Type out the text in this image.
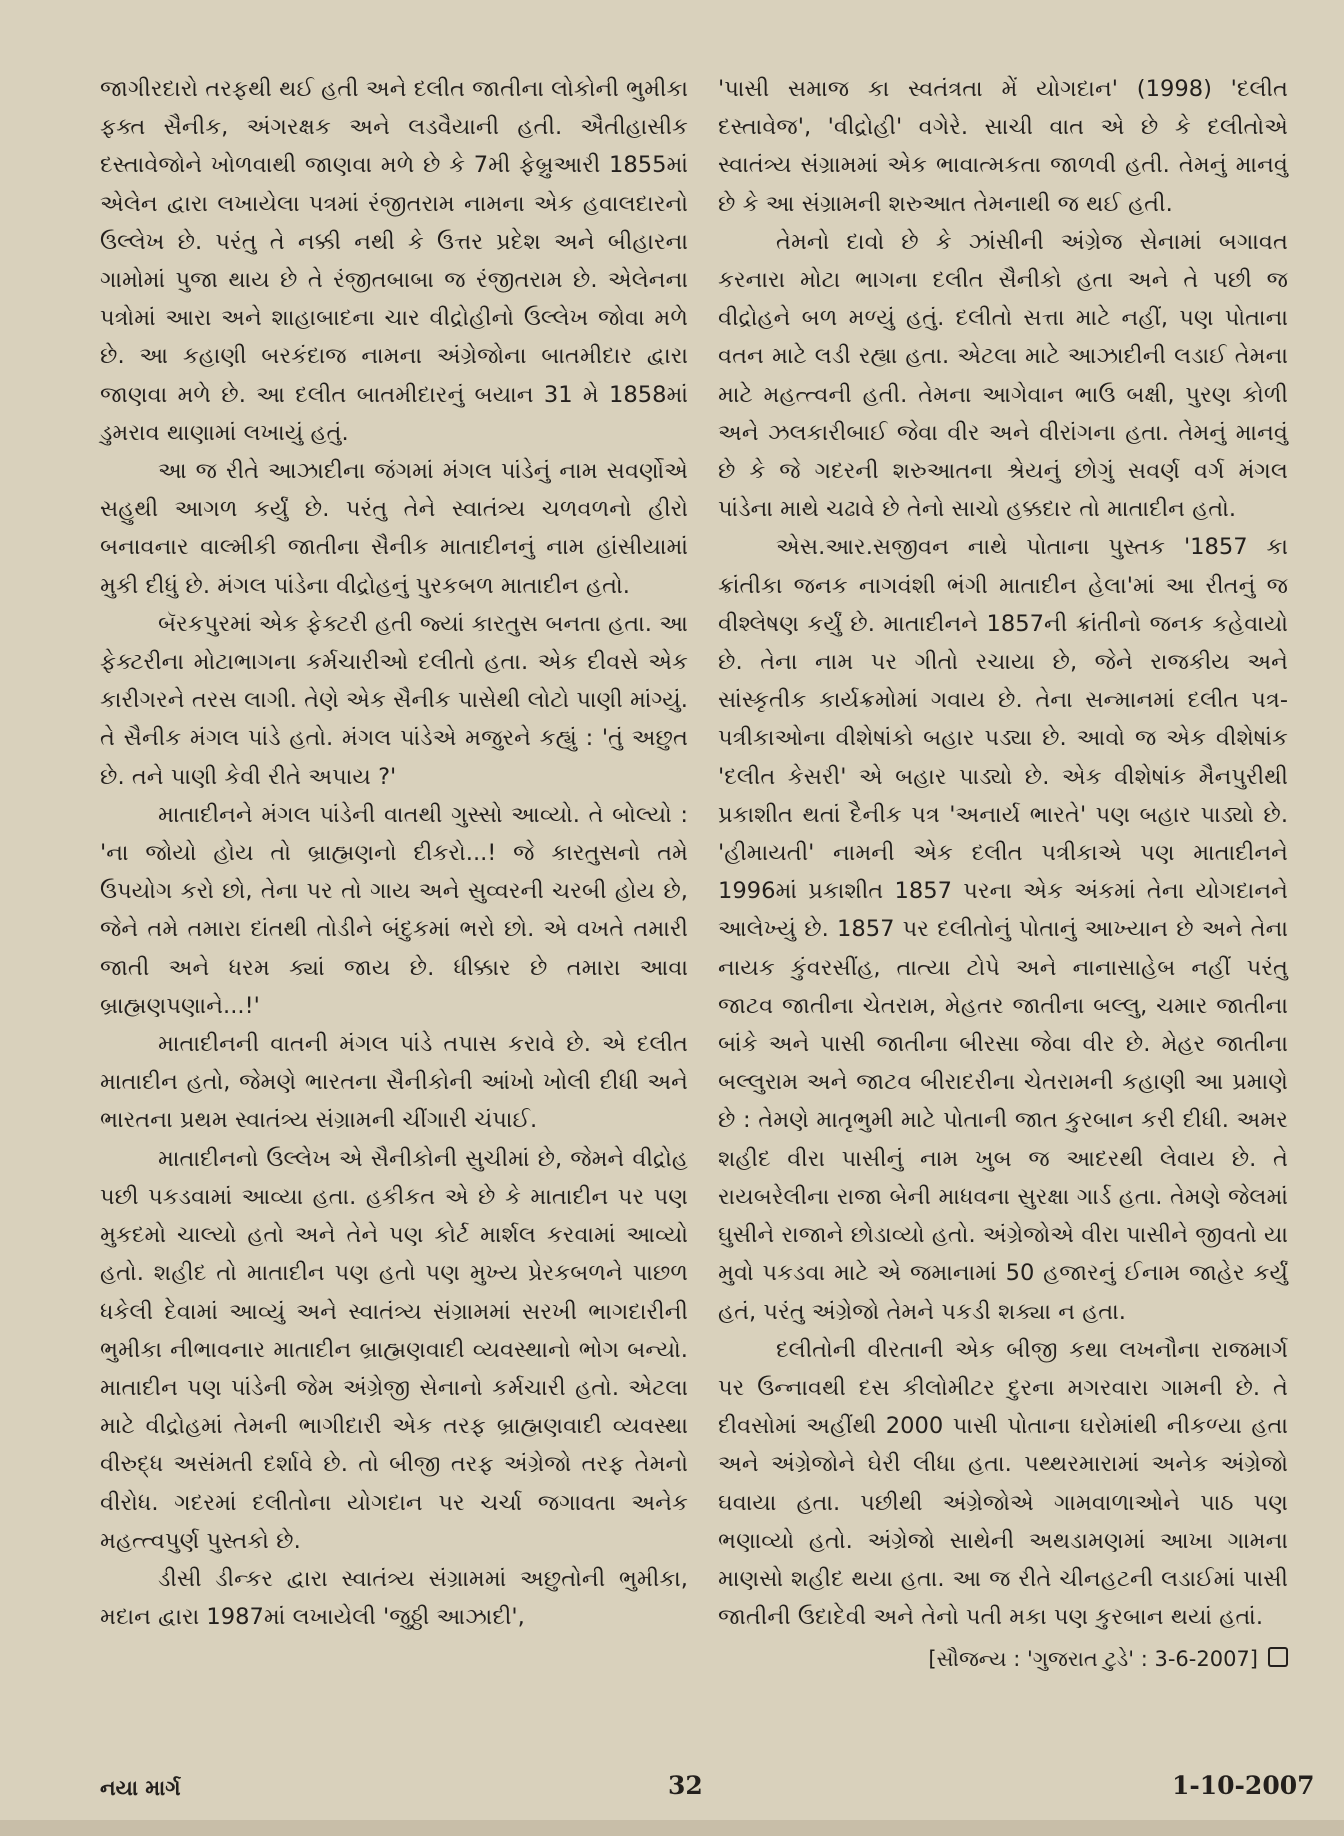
જાગીરદારો તરફથી થઈ હતી અને દલીત જાતીના લોકોની ભુમીકા ફક્ત સૈનીક, અંગરક્ષક અને લડવૈયાની હતી. ઐતીહાસીક દસ્તાવેજોને ખોળવાથી જાણવા મળે છે કે 7મી ફેબ્રુઆરી 1855માં એલેન દ્વારા લખાયેલા પત્રમાં રંજીતરામ નામના એક હવાલદારનો ઉલ્લેખ છે. પરંતુ તે નક્કી નથી કે ઉત્તર પ્રદેશ અને બીહારના ગામોમાં પુજા થાય છે તે રંજીતબાબા જ રંજીતરામ છે. એલેનના પત્રોમાં આરા અને શાહાબાદના ચાર વીદ્રોહીનો ઉલ્લેખ જોવા મળે છે. આ કહાણી બરકંદાજ નામના અંગ્રેજોના બાતમીદાર દ્વારા જાણવા મળે છે. આ દલીત બાતમીદારનું બયાન 31 મે 1858માં ડુમરાવ થાણામાં લખાયું હતું.

આ જ રીતે આઝાદીના જંગમાં મંગલ પાંડેનું નામ સવર્ણોએ સહુથી આગળ કર્યું છે. પરંતુ તેને સ્વાતંત્ર્ય ચળવળનો હીરો બનાવનાર વાલ્મીકી જાતીના સૈનીક માતાદીનનું નામ હાંસીયામાં મુકી દીધું છે. મંગલ પાંડેના વીદ્રોહનું પુરકબળ માતાદીન હતો.

બૅરકપુરમાં એક ફેક્ટરી હતી જ્યાં કારતુસ બનતા હતા. આ ફેક્ટરીના મોટાભાગના કર્મચારીઓ દલીતો હતા. એક દીવસે એક કારીગરને તરસ લાગી. તેણે એક સૈનીક પાસેથી લોટો પાણી માંગ્યું. તે સૈનીક મંગલ પાંડે હતો. મંગલ પાંડેએ મજુરને કહ્યું : 'તું અછુત છે. તને પાણી કેવી રીતે અપાય ?'

માતાદીનને મંગલ પાંડેની વાતથી ગુસ્સો આવ્યો. તે બોલ્યો : 'ના જોયો હોય તો બ્રાહ્મણનો દીકરો...! જે કારતુસનો તમે ઉપયોગ કરો છો, તેના પર તો ગાય અને સુવ્વરની ચરબી હોય છે, જેને તમે તમારા દાંતથી તોડીને બંદુકમાં ભરો છો. એ વખતે તમારી જાતી અને ધરમ ક્યાં જાય છે. ધીક્કાર છે તમારા આવા બ્રાહ્મણપણાને...!'

માતાદીનની વાતની મંગલ પાંડે તપાસ કરાવે છે. એ દલીત માતાદીન હતો, જેમણે ભારતના સૈનીકોની આંખો ખોલી દીધી અને ભારતના પ્રથમ સ્વાતંત્ર્ય સંગ્રામની ચીંગારી ચંપાઈ.

માતાદીનનો ઉલ્લેખ એ સૈનીકોની સુચીમાં છે, જેમને વીદ્રોહ પછી પકડવામાં આવ્યા હતા. હકીકત એ છે કે માતાદીન પર પણ મુકદમો ચાલ્યો હતો અને તેને પણ કોર્ટ માર્શલ કરવામાં આવ્યો હતો. શહીદ તો માતાદીન પણ હતો પણ મુખ્ય પ્રેરકબળને પાછળ ધકેલી દેવામાં આવ્યું અને સ્વાતંત્ર્ય સંગ્રામમાં સરખી ભાગદારીની ભુમીકા નીભાવનાર માતાદીન બ્રાહ્મણવાદી વ્યવસ્થાનો ભોગ બન્યો. માતાદીન પણ પાંડેની જેમ અંગ્રેજી સેનાનો કર્મચારી હતો. એટલા માટે વીદ્રોહમાં તેમની ભાગીદારી એક તરફ બ્રાહ્મણવાદી વ્યવસ્થા વીરુદ્ધ અસંમતી દર્શાવે છે. તો બીજી તરફ અંગ્રેજો તરફ તેમનો વીરોધ. ગદરમાં દલીતોના યોગદાન પર ચર્ચા જગાવતા અનેક મહત્ત્વપુર્ણ પુસ્તકો છે.

ડીસી ડીન્કર દ્વારા સ્વાતંત્ર્ય સંગ્રામમાં અછુતોની ભુમીકા, મદાન દ્વારા 1987માં લખાયેલી 'જુઠ્ઠી આઝાદી',

'પાસી સમાજ કા સ્વતંત્રતા મેં યોગદાન' (1998) 'દલીત દસ્તાવેજ', 'વીદ્રોહી' વગેરે. સાચી વાત એ છે કે દલીતોએ સ્વાતંત્ર્ય સંગ્રામમાં એક ભાવાત્મકતા જાળવી હતી. તેમનું માનવું છે કે આ સંગ્રામની શરુઆત તેમનાથી જ થઈ હતી.

તેમનો દાવો છે કે ઝાંસીની અંગ્રેજ સેનામાં બગાવત કરનારા મોટા ભાગના દલીત સૈનીકો હતા અને તે પછી જ વીદ્રોહને બળ મળ્યું હતું. દલીતો સત્તા માટે નહીં, પણ પોતાના વતન માટે લડી રહ્યા હતા. એટલા માટે આઝાદીની લડાઈ તેમના માટે મહત્ત્વની હતી. તેમના આગેવાન ભાઉ બક્ષી, પુરણ કોળી અને ઝલકારીબાઈ જેવા વીર અને વીરાંગના હતા. તેમનું માનવું છે કે જે ગદરની શરુઆતના શ્રેયનું છોગું સવર્ણ વર્ગ મંગલ પાંડેના માથે ચઢાવે છે તેનો સાચો હક્કદાર તો માતાદીન હતો.

એસ.આર.સજીવન નાથે પોતાના પુસ્તક '1857 કા ક્રાંતીકા જનક નાગવંશી ભંગી માતાદીન હેલા'માં આ રીતનું જ વીશ્લેષણ કર્યું છે. માતાદીનને 1857ની ક્રાંતીનો જનક કહેવાયો છે. તેના નામ પર ગીતો રચાયા છે, જેને રાજકીય અને સાંસ્કૃતીક કાર્યક્રમોમાં ગવાય છે. તેના સન્માનમાં દલીત પત્ર-પત્રીકાઓના વીશેષાંકો બહાર પડ્યા છે. આવો જ એક વીશેષાંક 'દલીત કેસરી' એ બહાર પાડ્યો છે. એક વીશેષાંક મૈનપુરીથી પ્રકાશીત થતાં દૈનીક પત્ર 'અનાર્ય ભારતે' પણ બહાર પાડ્યો છે. 'હીમાયતી' નામની એક દલીત પત્રીકાએ પણ માતાદીનને 1996માં પ્રકાશીત 1857 પરના એક અંકમાં તેના યોગદાનને આલેખ્યું છે. 1857 પર દલીતોનું પોતાનું આખ્યાન છે અને તેના નાયક કુંવરસીંહ, તાત્યા ટોપે અને નાનાસાહેબ નહીં પરંતુ જાટવ જાતીના ચેતરામ, મેહતર જાતીના બલ્લુ, ચમાર જાતીના બાંકે અને પાસી જાતીના બીરસા જેવા વીર છે. મેહર જાતીના બલ્લુરામ અને જાટવ બીરાદરીના ચેતરામની કહાણી આ પ્રમાણે છે : તેમણે માતૃભુમી માટે પોતાની જાત કુરબાન કરી દીધી. અમર શહીદ વીરા પાસીનું નામ ખુબ જ આદરથી લેવાય છે. તે રાયબરેલીના રાજા બેની માધવના સુરક્ષા ગાર્ડ હતા. તેમણે જેલમાં ઘુસીને રાજાને છોડાવ્યો હતો. અંગ્રેજોએ વીરા પાસીને જીવતો યા મુવો પકડવા માટે એ જમાનામાં 50 હજારનું ઈનામ જાહેર કર્યું હતં, પરંતુ અંગ્રેજો તેમને પકડી શક્યા ન હતા.

દલીતોની વીરતાની એક બીજી કથા લખનૌના રાજમાર્ગ પર ઉન્નાવથી દસ કીલોમીટર દુરના મગરવારા ગામની છે. તે દીવસોમાં અહીંથી 2000 પાસી પોતાના ઘરોમાંથી નીકળ્યા હતા અને અંગ્રેજોને ઘેરી લીધા હતા. પથ્થરમારામાં અનેક અંગ્રેજો ઘવાયા હતા. પછીથી અંગ્રેજોએ ગામવાળાઓને પાઠ પણ ભણાવ્યો હતો. અંગ્રેજો સાથેની અથડામણમાં આખા ગામના માણસો શહીદ થયા હતા. આ જ રીતે ચીનહટની લડાઈમાં પાસી જાતીની ઉદાદેવી અને તેનો પતી મકા પણ કુરબાન થયાં હતાં.

[સૌજન્ય : 'ગુજરાત ટુડે' : 3-6-2007]
નયા માર્ગ	32	1-10-2007
